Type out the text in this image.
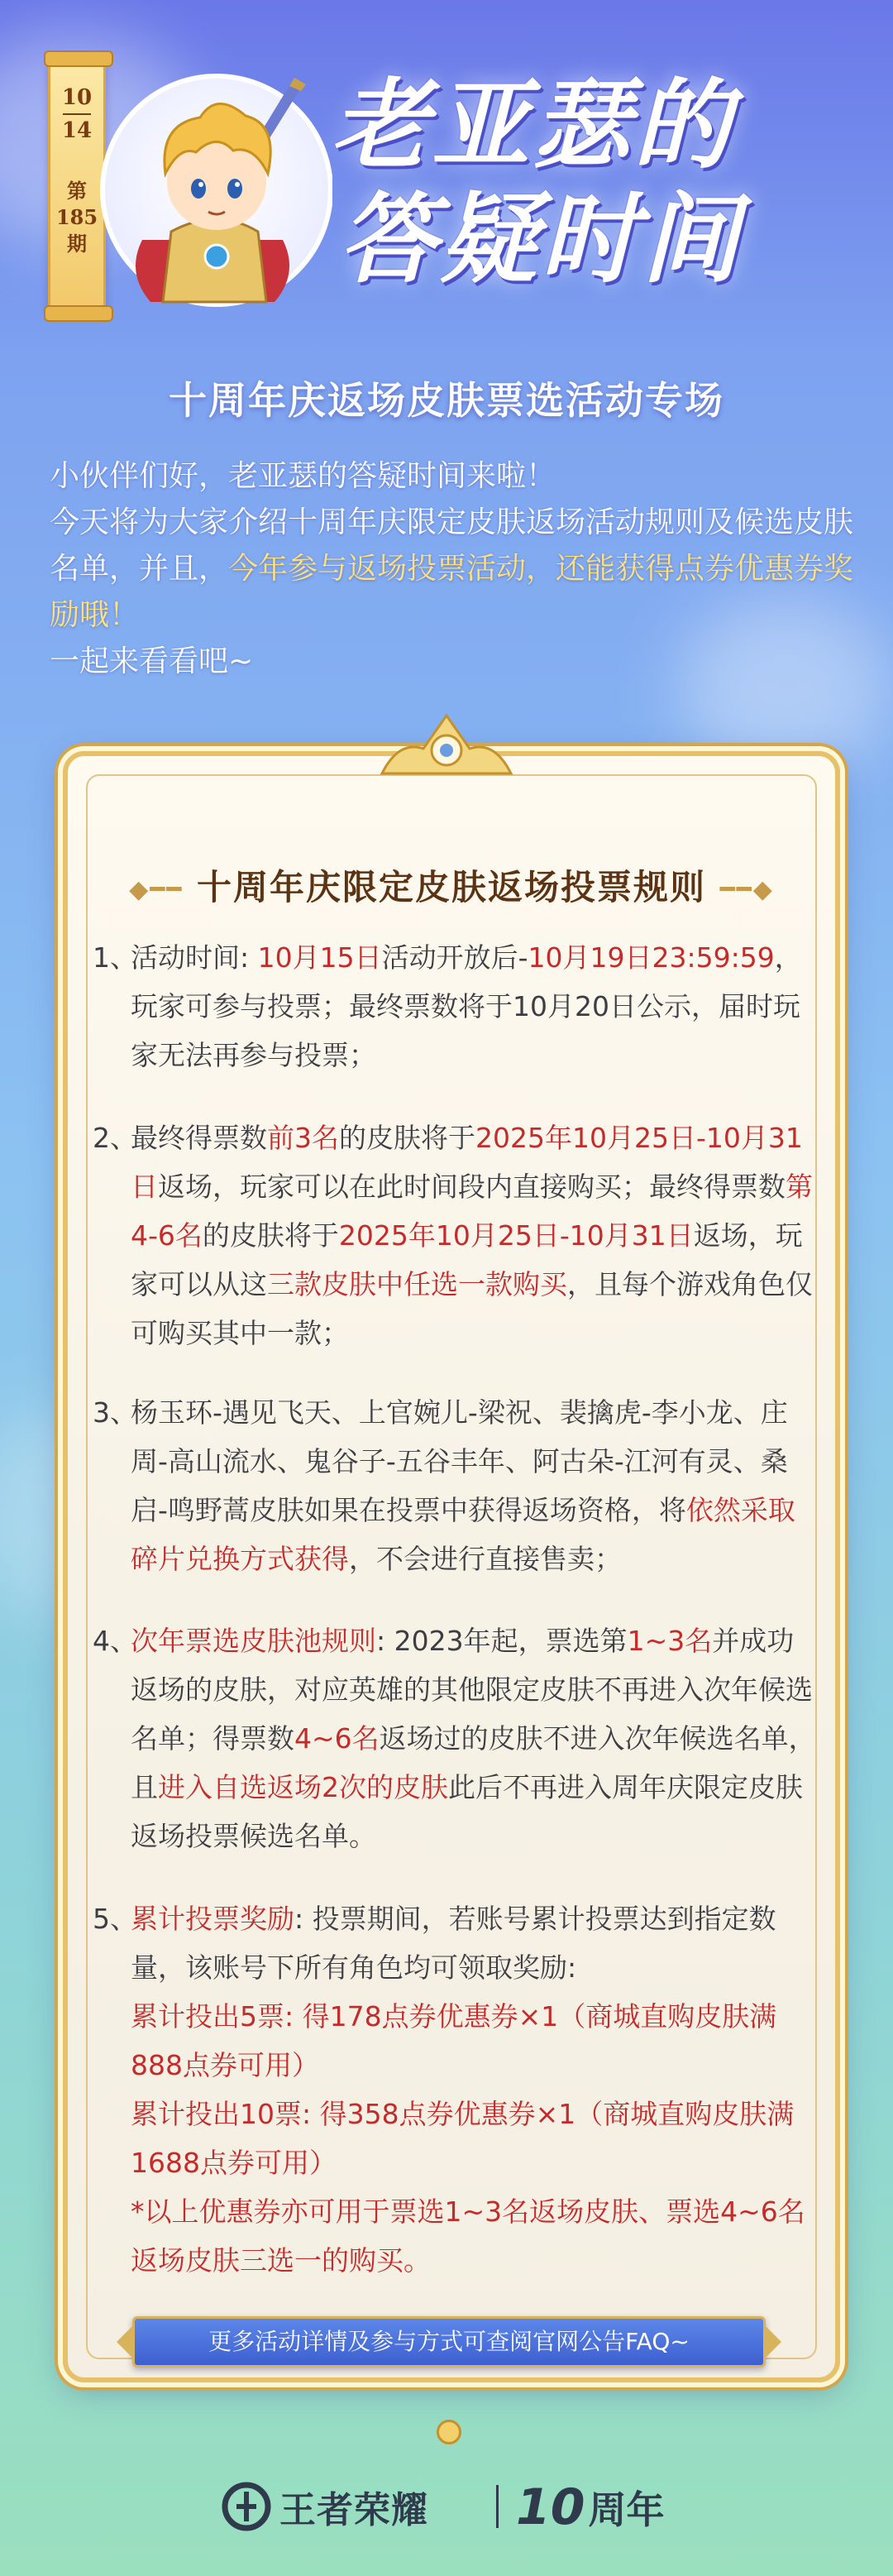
10
14
第
185
期
老亚瑟的
答疑时间
十周年庆返场皮肤票选活动专场

小伙伴们好，老亚瑟的答疑时间来啦！

今天将为大家介绍十周年庆限定皮肤返场活动规则及候选皮肤名单，并且，今年参与返场投票活动，还能获得点券优惠券奖励哦！

一起来看看吧~

◆━━ 十周年庆限定皮肤返场投票规则 ━━◆
1、
活动时间: 10月15日活动开放后-10月19日23:59:59，玩家可参与投票；最终票数将于10月20日公示，届时玩家无法再参与投票；
2、
最终得票数前3名的皮肤将于2025年10月25日-10月31日返场，玩家可以在此时间段内直接购买；最终得票数第4-6名的皮肤将于2025年10月25日-10月31日返场，玩家可以从这三款皮肤中任选一款购买，且每个游戏角色仅可购买其中一款；
3、
杨玉环-遇见飞天、上官婉儿-梁祝、裴擒虎-李小龙、庄周-高山流水、鬼谷子-五谷丰年、阿古朵-江河有灵、桑启-鸣野蒿皮肤如果在投票中获得返场资格，将依然采取碎片兑换方式获得，不会进行直接售卖；
4、
次年票选皮肤池规则: 2023年起，票选第1~3名并成功返场的皮肤，对应英雄的其他限定皮肤不再进入次年候选名单；得票数4~6名返场过的皮肤不进入次年候选名单，且进入自选返场2次的皮肤此后不再进入周年庆限定皮肤返场投票候选名单。
5、

累计投票奖励: 投票期间，若账号累计投票达到指定数量，该账号下所有角色均可领取奖励:

累计投出5票: 得178点券优惠券×1（商城直购皮肤满888点券可用）

累计投出10票: 得358点券优惠券×1（商城直购皮肤满1688点券可用）

*以上优惠券亦可用于票选1~3名返场皮肤、票选4~6名返场皮肤三选一的购买。

更多活动详情及参与方式可查阅官网公告FAQ~
王者荣耀 10 周年
